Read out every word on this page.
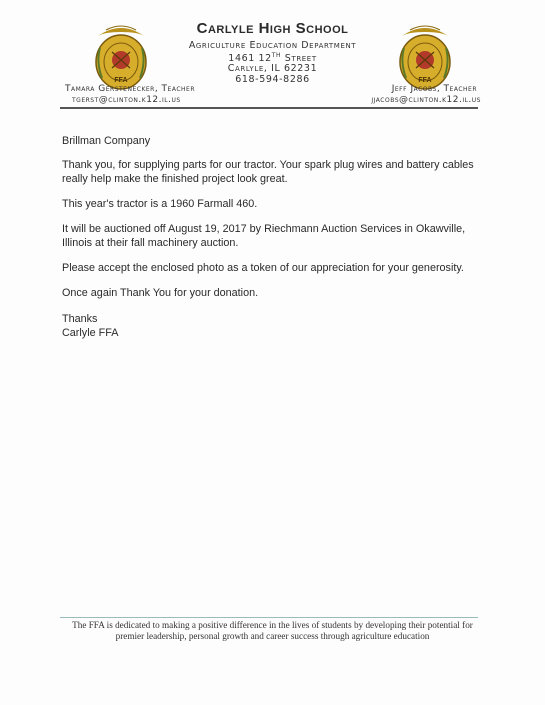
FFA	FFA
Carlyle High School
Agriculture Education Department
1461 12TH Street
Carlyle, IL 62231
618-594-8286
Tamara Gerstenecker, Teacher
tgerst@clinton.k12.il.us
Jeff Jacobs, Teacher
jjacobs@clinton.k12.il.us
Brillman Company
Thank you, for supplying parts for our tractor. Your spark plug wires and battery cables really help make the finished project look great.
This year's tractor is a 1960 Farmall 460.
It will be auctioned off August 19, 2017 by Riechmann Auction Services in Okawville, Illinois at their fall machinery auction.
Please accept the enclosed photo as a token of our appreciation for your generosity.
Once again Thank You for your donation.
Thanks
Carlyle FFA
The FFA is dedicated to making a positive difference in the lives of students by developing their potential for premier leadership, personal growth and career success through agriculture education
